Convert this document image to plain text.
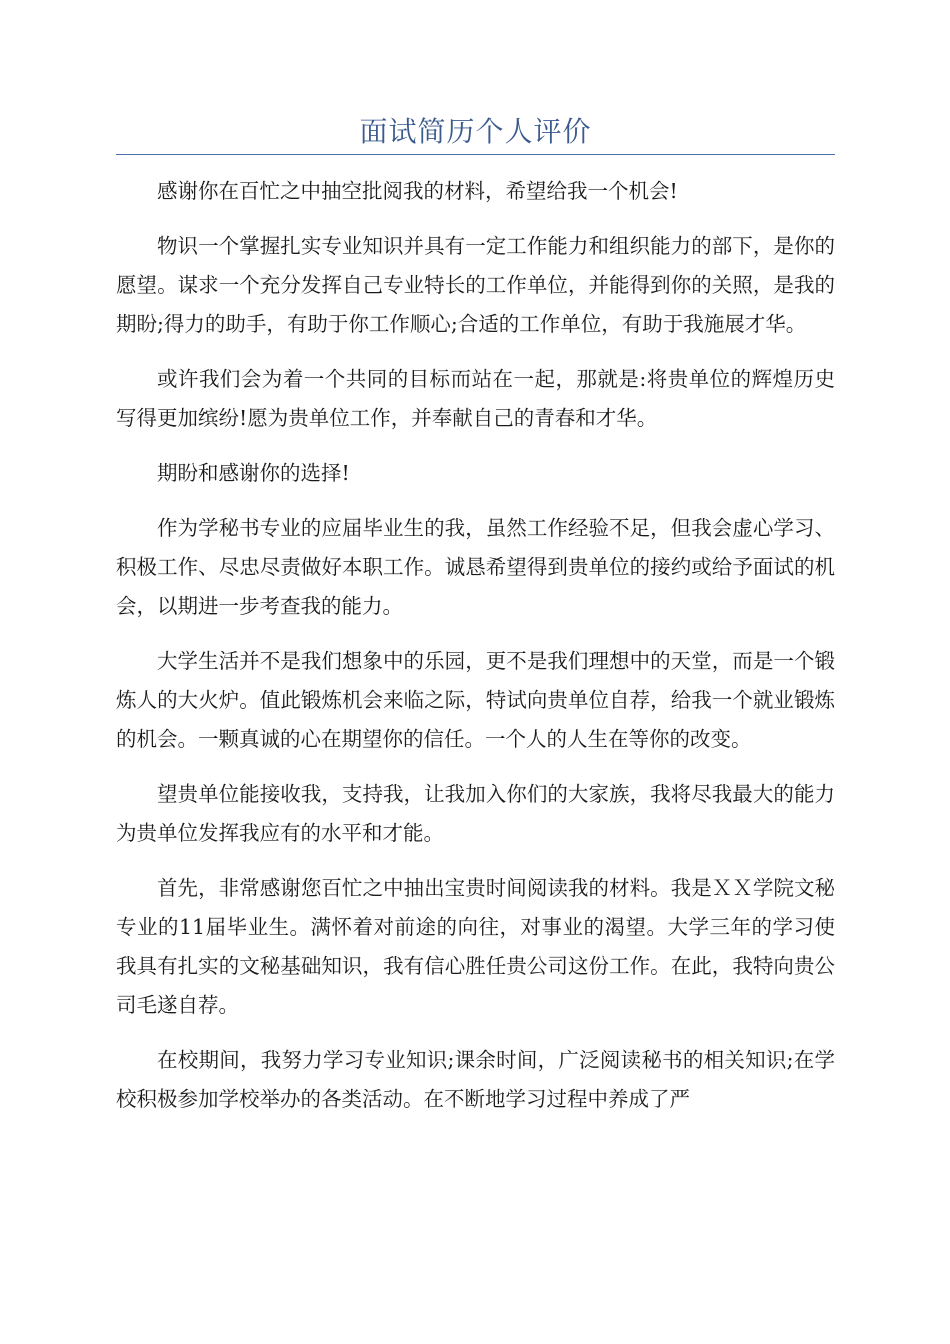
面试简历个人评价

感谢你在百忙之中抽空批阅我的材料，希望给我一个机会!

物识一个掌握扎实专业知识并具有一定工作能力和组织能力的部下，是你的愿望。谋求一个充分发挥自己专业特长的工作单位，并能得到你的关照，是我的期盼;得力的助手，有助于你工作顺心;合适的工作单位，有助于我施展才华。

或许我们会为着一个共同的目标而站在一起，那就是:将贵单位的辉煌历史写得更加缤纷!愿为贵单位工作，并奉献自己的青春和才华。

期盼和感谢你的选择!

作为学秘书专业的应届毕业生的我，虽然工作经验不足，但我会虚心学习、积极工作、尽忠尽责做好本职工作。诚恳希望得到贵单位的接约或给予面试的机会，以期进一步考查我的能力。

大学生活并不是我们想象中的乐园，更不是我们理想中的天堂，而是一个锻炼人的大火炉。值此锻炼机会来临之际，特试向贵单位自荐，给我一个就业锻炼的机会。一颗真诚的心在期望你的信任。一个人的人生在等你的改变。

望贵单位能接收我，支持我，让我加入你们的大家族，我将尽我最大的能力为贵单位发挥我应有的水平和才能。

首先，非常感谢您百忙之中抽出宝贵时间阅读我的材料。我是ＸＸ学院文秘专业的11届毕业生。满怀着对前途的向往，对事业的渴望。大学三年的学习使我具有扎实的文秘基础知识，我有信心胜任贵公司这份工作。在此，我特向贵公司毛遂自荐。

在校期间，我努力学习专业知识;课余时间，广泛阅读秘书的相关知识;在学校积极参加学校举办的各类活动。在不断地学习过程中养成了严
